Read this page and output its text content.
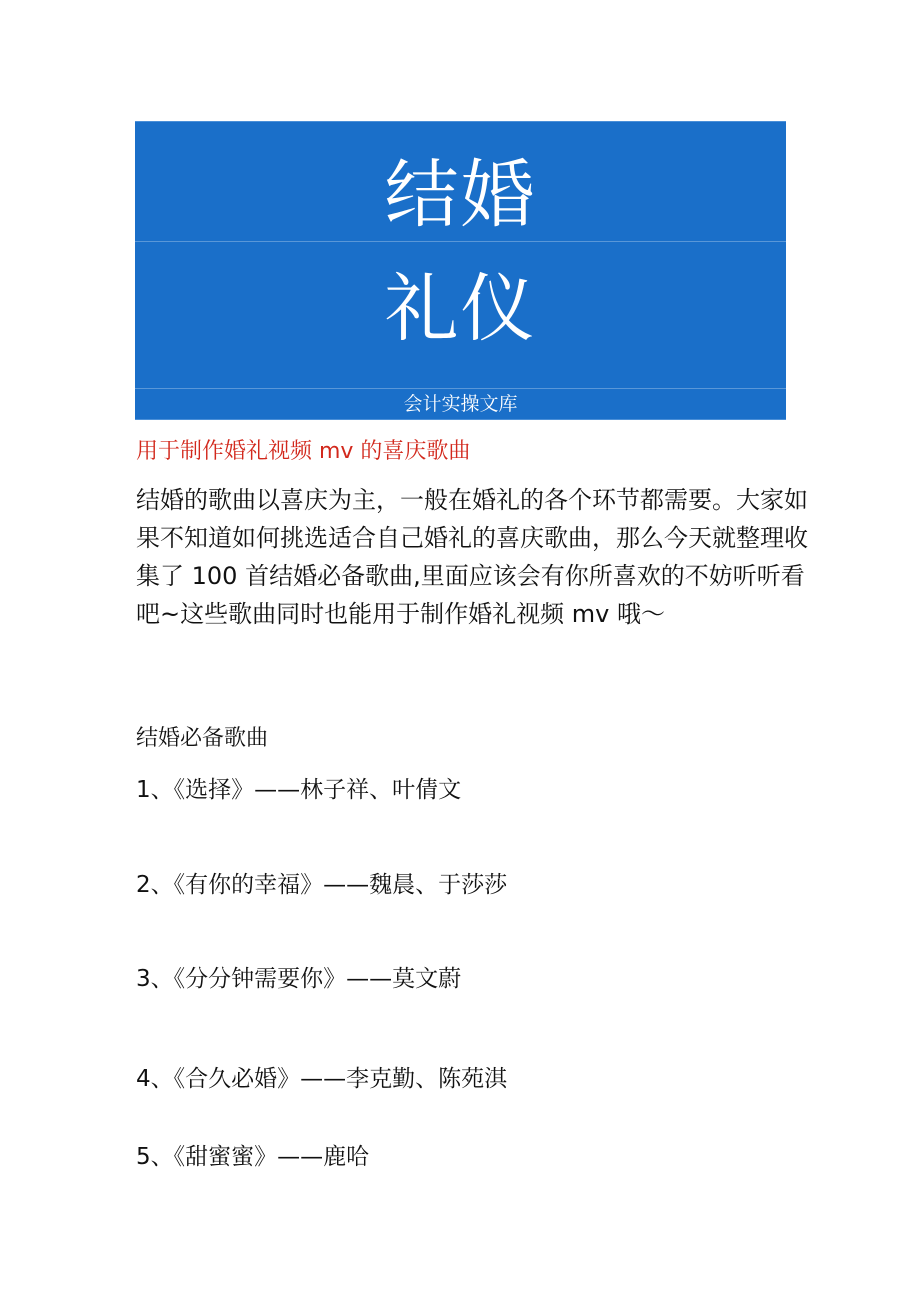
结婚
礼仪
会计实操文库
用于制作婚礼视频 mv 的喜庆歌曲
结婚的歌曲以喜庆为主，一般在婚礼的各个环节都需要。大家如
果不知道如何挑选适合自己婚礼的喜庆歌曲，那么今天就整理收
集了 100 首结婚必备歌曲,里面应该会有你所喜欢的不妨听听看
吧~这些歌曲同时也能用于制作婚礼视频 mv 哦～
结婚必备歌曲
1、《选择》——林子祥、叶倩文
2、《有你的幸福》——魏晨、于莎莎
3、《分分钟需要你》——莫文蔚
4、《合久必婚》——李克勤、陈苑淇
5、《甜蜜蜜》——鹿哈
